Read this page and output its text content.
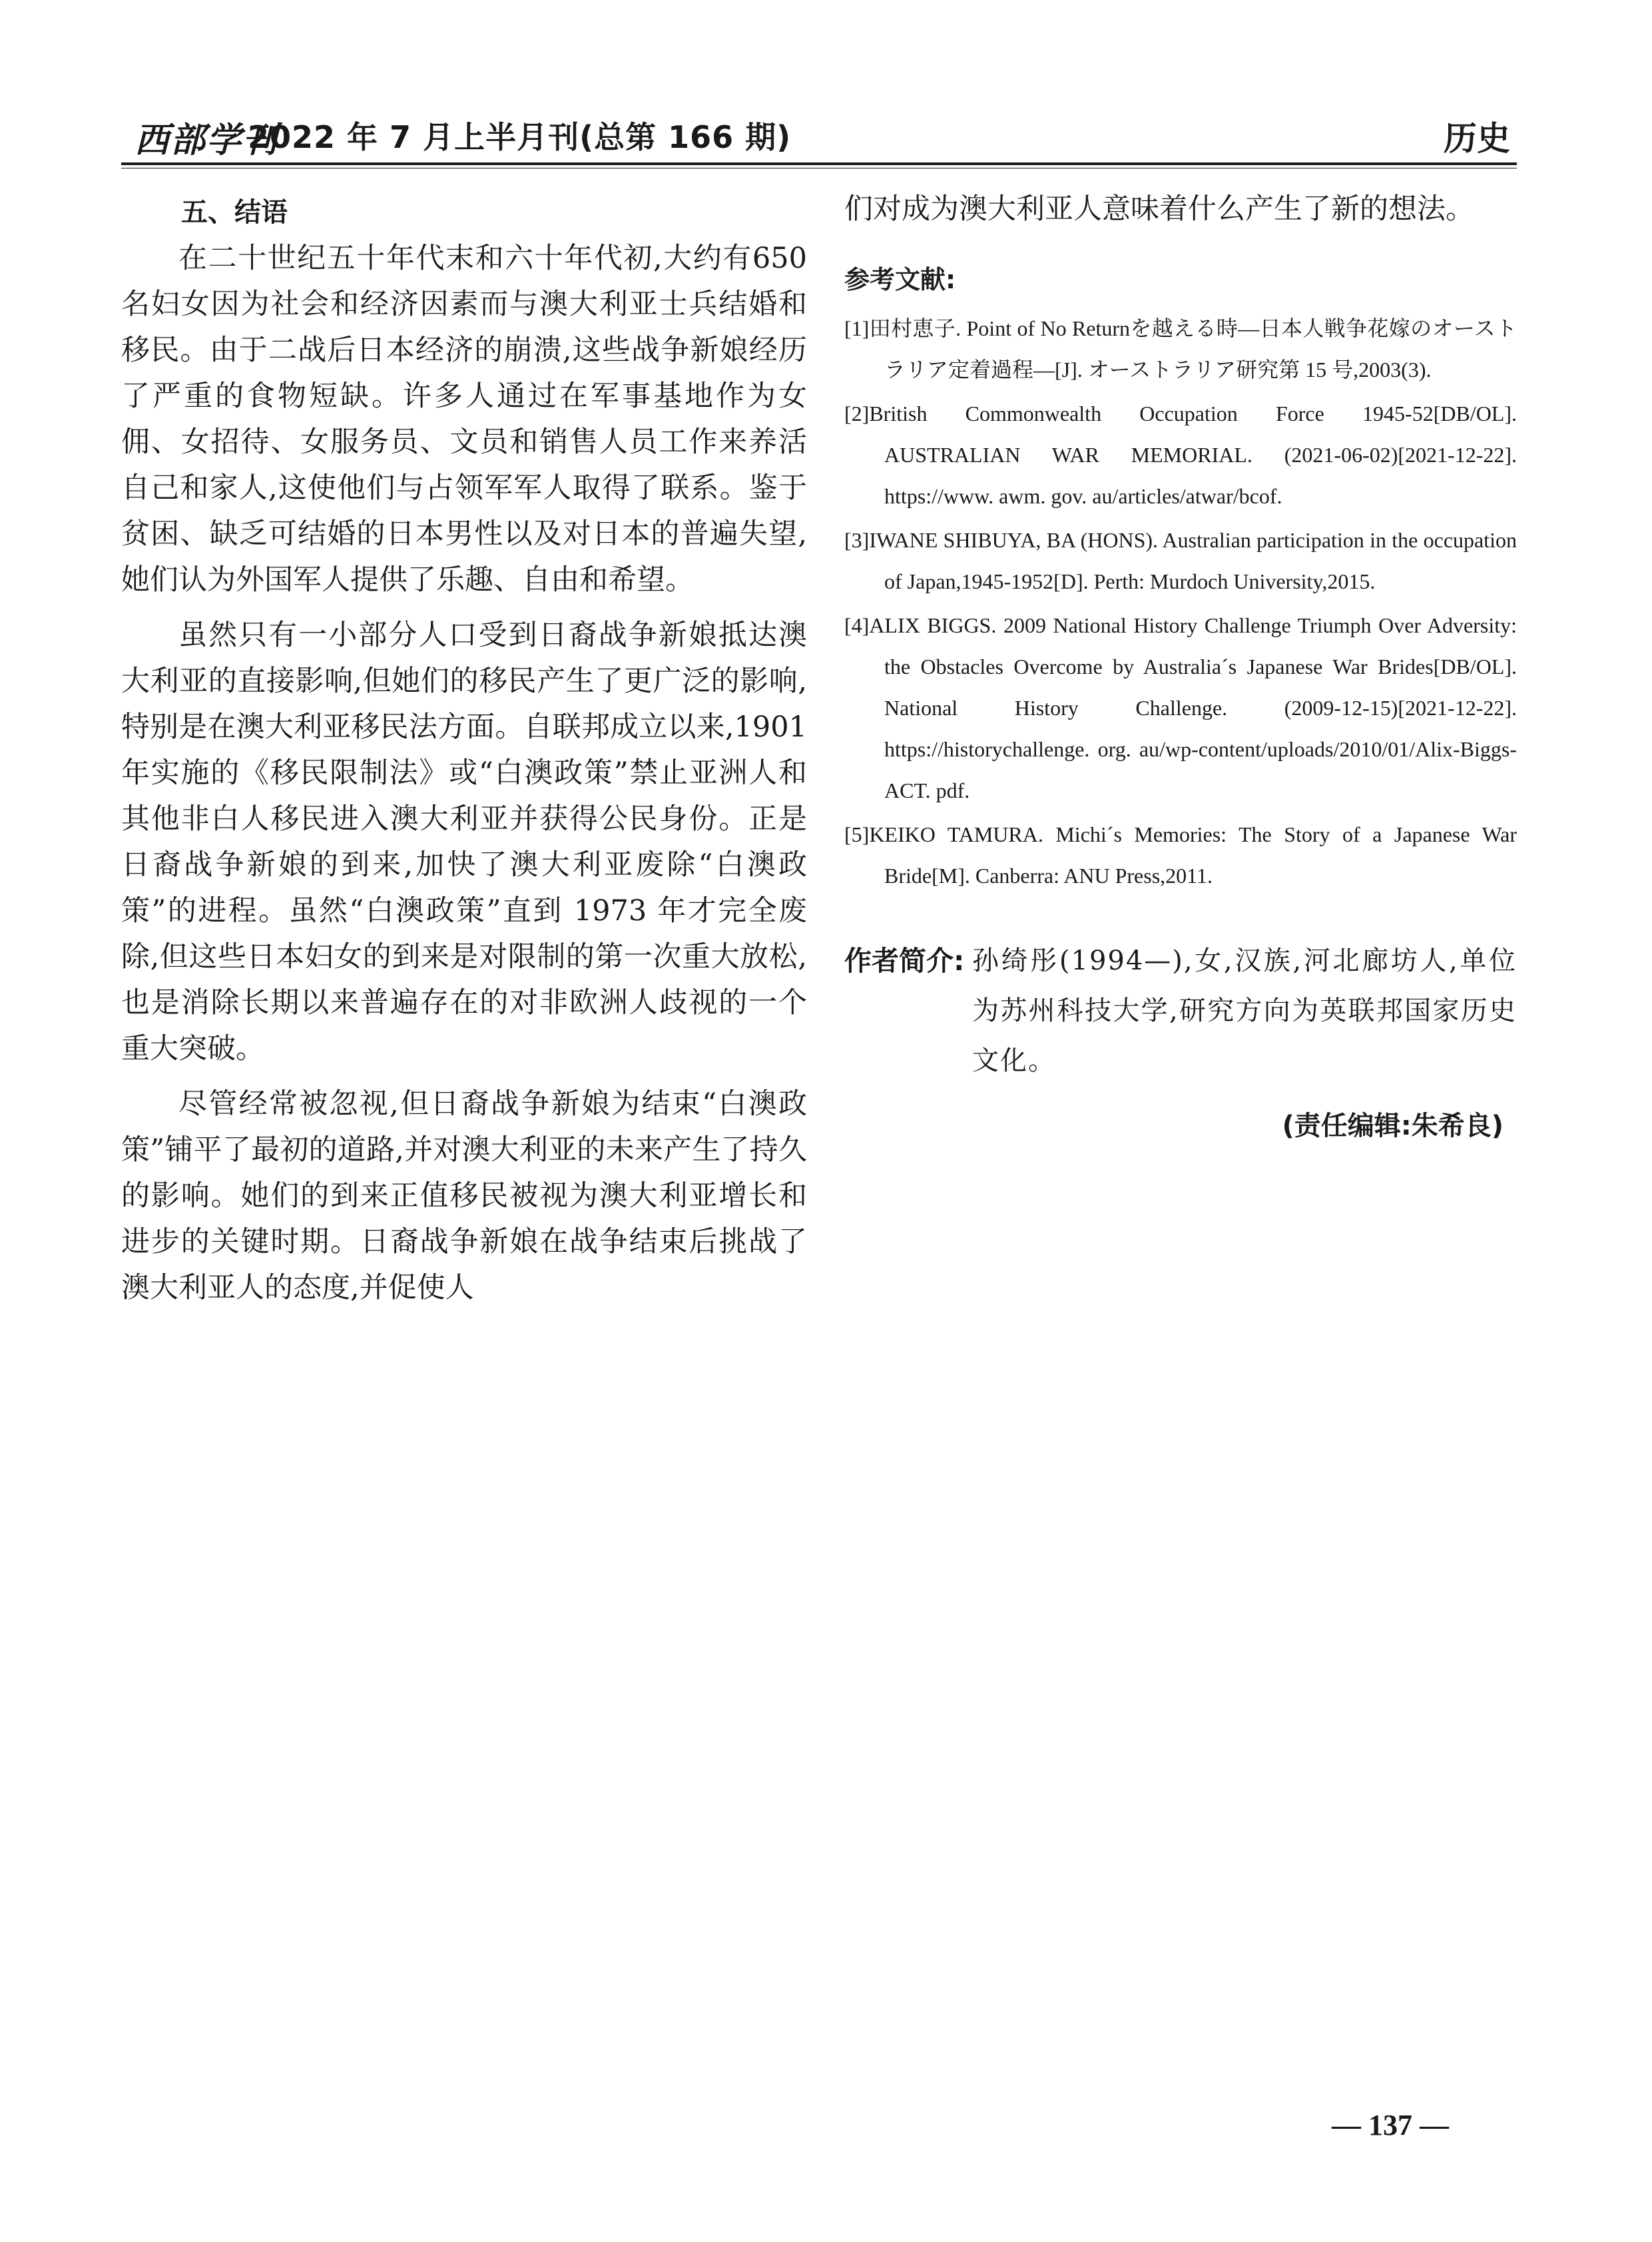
西部学刊
2022 年 7 月上半月刊(总第 166 期)	历史
五、结语

在二十世纪五十年代末和六十年代初,大约有650 名妇女因为社会和经济因素而与澳大利亚士兵结婚和移民。由于二战后日本经济的崩溃,这些战争新娘经历了严重的食物短缺。许多人通过在军事基地作为女佣、女招待、女服务员、文员和销售人员工作来养活自己和家人,这使他们与占领军军人取得了联系。鉴于贫困、缺乏可结婚的日本男性以及对日本的普遍失望,她们认为外国军人提供了乐趣、自由和希望。

虽然只有一小部分人口受到日裔战争新娘抵达澳大利亚的直接影响,但她们的移民产生了更广泛的影响,特别是在澳大利亚移民法方面。自联邦成立以来,1901 年实施的《移民限制法》或“白澳政策”禁止亚洲人和其他非白人移民进入澳大利亚并获得公民身份。正是日裔战争新娘的到来,加快了澳大利亚废除“白澳政策”的进程。虽然“白澳政策”直到 1973 年才完全废除,但这些日本妇女的到来是对限制的第一次重大放松,也是消除长期以来普遍存在的对非欧洲人歧视的一个重大突破。

尽管经常被忽视,但日裔战争新娘为结束“白澳政策”铺平了最初的道路,并对澳大利亚的未来产生了持久的影响。她们的到来正值移民被视为澳大利亚增长和进步的关键时期。日裔战争新娘在战争结束后挑战了澳大利亚人的态度,并促使人

们对成为澳大利亚人意味着什么产生了新的想法。

参考文献:
[1]田村恵子. Point of No Returnを越える時—日本人戦争花嫁のオーストラリア定着過程—[J]. オーストラリア研究第 15 号,2003(3).
[2]British Commonwealth Occupation Force 1945-52[DB/OL]. AUSTRALIAN WAR MEMORIAL. (2021-06-02)[2021-12-22]. https://www. awm. gov. au/articles/atwar/bcof.
[3]IWANE SHIBUYA, BA (HONS). Australian participation in the occupation of Japan,1945-1952[D]. Perth: Murdoch University,2015.
[4]ALIX BIGGS. 2009 National History Challenge Triumph Over Adversity: the Obstacles Overcome by Australia´s Japanese War Brides[DB/OL]. National History Challenge. (2009-12-15)[2021-12-22]. https://historychallenge. org. au/wp-content/uploads/2010/01/Alix-Biggs-ACT. pdf.
[5]KEIKO TAMURA. Michi´s Memories: The Story of a Japanese War Bride[M]. Canberra: ANU Press,2011.
作者简介: 孙绮彤(1994—),女,汉族,河北廊坊人,单位为苏州科技大学,研究方向为英联邦国家历史文化。
(责任编辑:朱希良)
— 137 —
